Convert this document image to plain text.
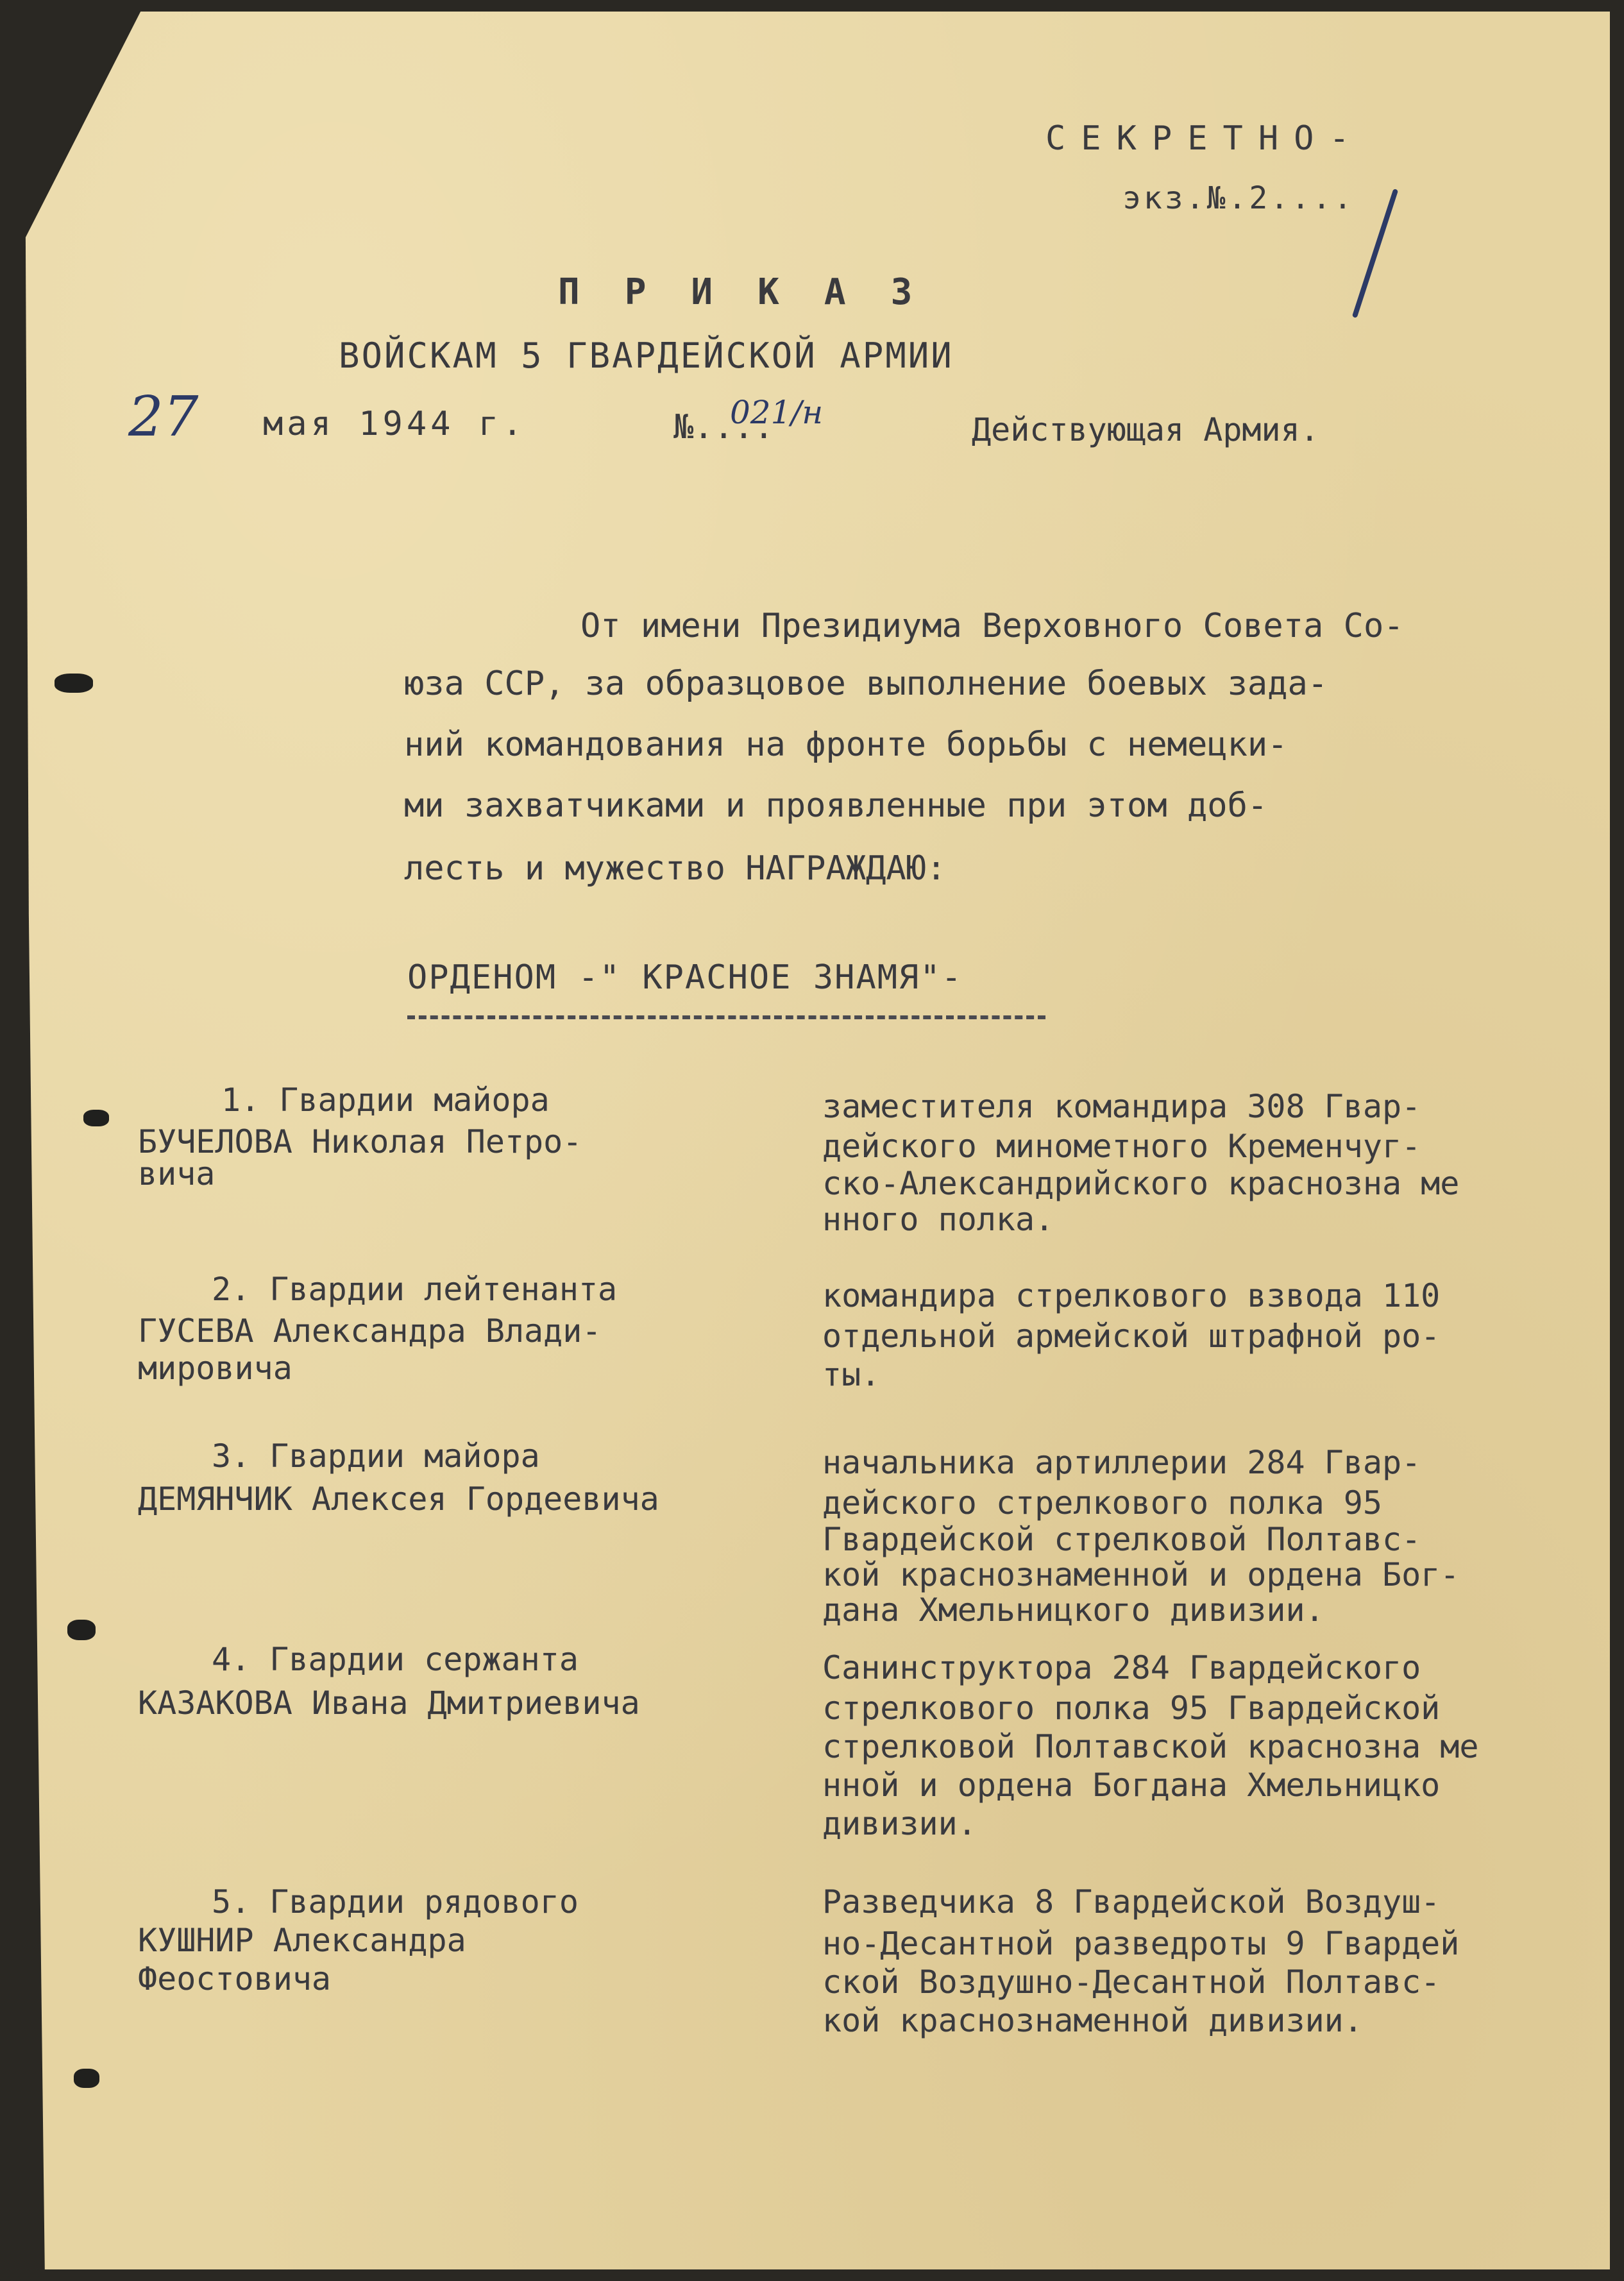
СЕКРЕТНО-
экз.№.2....
ПРИКАЗ
ВОЙСКАМ 5 ГВАРДЕЙСКОЙ АРМИИ
27 мая 1944 г.	№....
021/н	Действующая Армия.
От имени Президиума Верховного Совета Со-
юза ССР, за образцовое выполнение боевых зада-
ний командования на фронте борьбы с немецки-
ми захватчиками и проявленные при этом доб-
лесть и мужество НАГРАЖДАЮ:
ОРДЕНОМ -" КРАСНОЕ ЗНАМЯ"-
1. Гвардии майора
БУЧЕЛОВА Николая Петро-
вича
заместителя командира 308 Гвар-
дейского минометного Кременчуг-
ско-Александрийского краснозна ме
нного полка.
2. Гвардии лейтенанта
ГУСЕВА Александра Влади-
мировича
командира стрелкового взвода 110
отдельной армейской штрафной ро-
ты.
3. Гвардии майора
ДЕМЯНЧИК Алексея Гордеевича
начальника артиллерии 284 Гвар-
дейского стрелкового полка 95
Гвардейской стрелковой Полтавс-
кой краснознаменной и ордена Бог-
дана Хмельницкого дивизии.
4. Гвардии сержанта
КАЗАКОВА Ивана Дмитриевича
Санинструктора 284 Гвардейского
стрелкового полка 95 Гвардейской
стрелковой Полтавской краснозна ме
нной и ордена Богдана Хмельницко
дивизии.
5. Гвардии рядового
КУШНИР Александра
Феостовича
Разведчика 8 Гвардейской Воздуш-
но-Десантной разведроты 9 Гвардей
ской Воздушно-Десантной Полтавс-
кой краснознаменной дивизии.
